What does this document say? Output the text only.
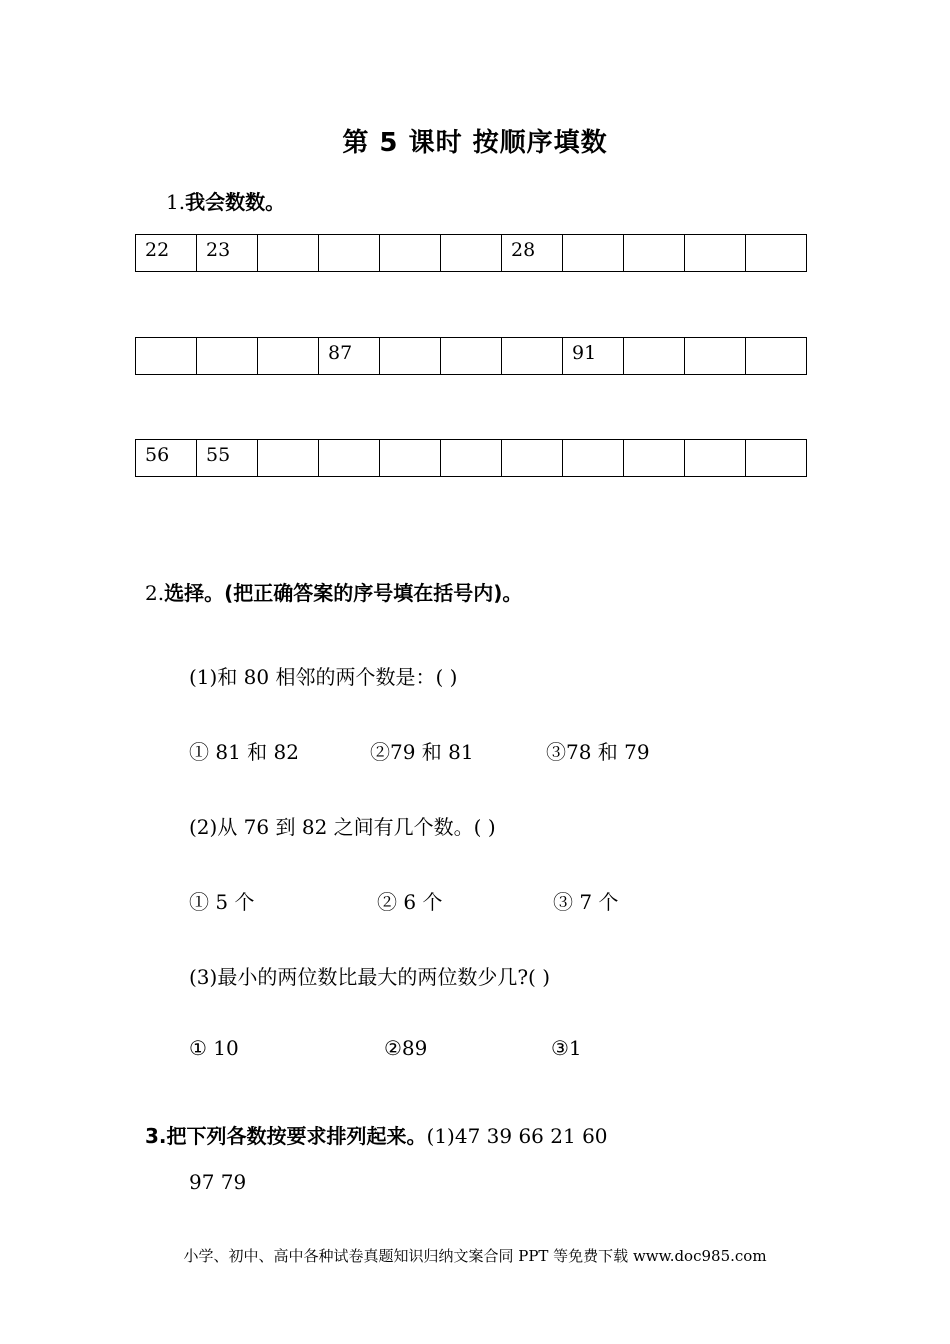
第 5 课时 按顺序填数
1.我会数数。
22	23					28				
			87				91			
56	55									
2.选择。(把正确答案的序号填在括号内)。
(1)和 80 相邻的两个数是：( )
① 81 和 82	②79 和 81	③78 和 79
(2)从 76 到 82 之间有几个数。( )
① 5 个	② 6 个	③ 7 个
(3)最小的两位数比最大的两位数少几?( )
① 10	②89	③1
3.把下列各数按要求排列起来。(1)47 39 66 21 60
97 79
小学、初中、高中各种试卷真题知识归纳文案合同 PPT 等免费下载 www.doc985.com
